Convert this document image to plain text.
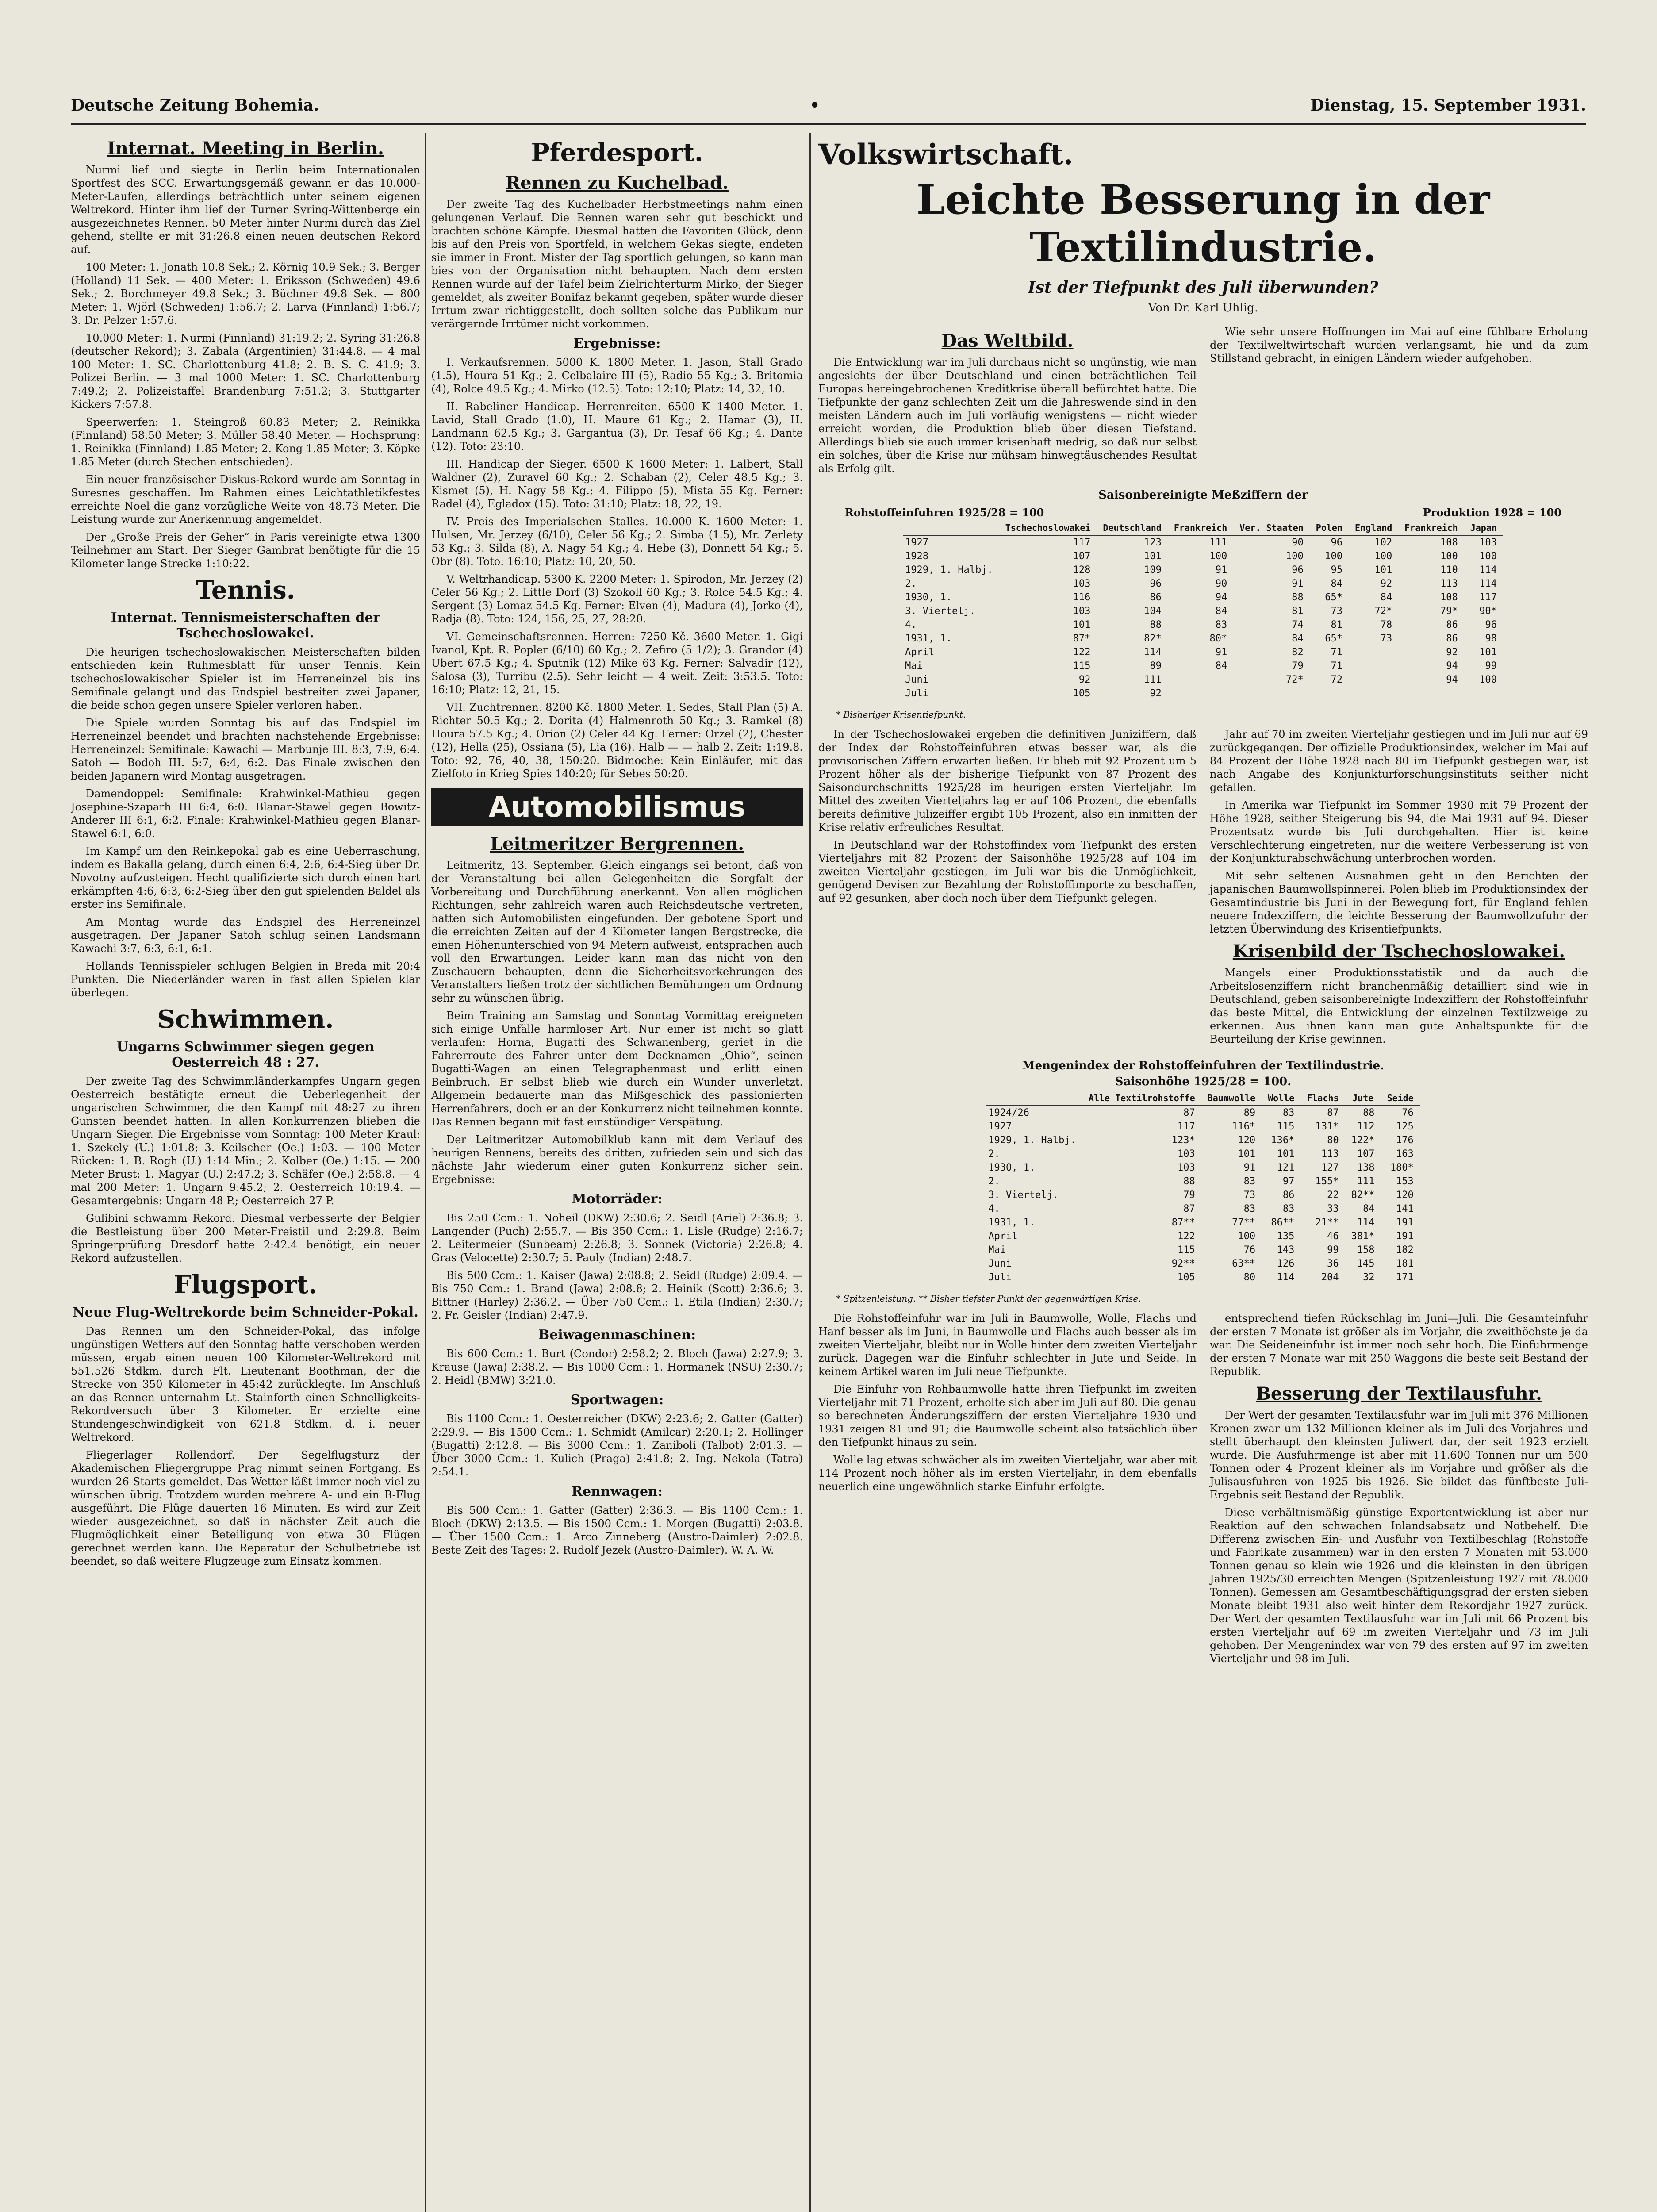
Deutsche Zeitung Bohemia.	•	Dienstag, 15. September 1931.
Internat. Meeting in Berlin.

Nurmi lief und siegte in Berlin beim Internationalen Sportfest des SCC. Erwartungsgemäß gewann er das 10.000-Meter-Laufen, allerdings beträchtlich unter seinem eigenen Weltrekord. Hinter ihm lief der Turner Syring-Wittenberge ein ausgezeichnetes Rennen. 50 Meter hinter Nurmi durch das Ziel gehend, stellte er mit 31:26.8 einen neuen deutschen Rekord auf.

100 Meter: 1. Jonath 10.8 Sek.; 2. Körnig 10.9 Sek.; 3. Berger (Holland) 11 Sek. — 400 Meter: 1. Eriksson (Schweden) 49.6 Sek.; 2. Borchmeyer 49.8 Sek.; 3. Büchner 49.8 Sek. — 800 Meter: 1. Wjörl (Schweden) 1:56.7; 2. Larva (Finnland) 1:56.7; 3. Dr. Pelzer 1:57.6.

10.000 Meter: 1. Nurmi (Finnland) 31:19.2; 2. Syring 31:26.8 (deutscher Rekord); 3. Zabala (Argentinien) 31:44.8. — 4 mal 100 Meter: 1. SC. Charlottenburg 41.8; 2. B. S. C. 41.9; 3. Polizei Berlin. — 3 mal 1000 Meter: 1. SC. Charlottenburg 7:49.2; 2. Polizeistaffel Brandenburg 7:51.2; 3. Stuttgarter Kickers 7:57.8.

Speerwerfen: 1. Steingroß 60.83 Meter; 2. Reinikka (Finnland) 58.50 Meter; 3. Müller 58.40 Meter. — Hochsprung: 1. Reinikka (Finnland) 1.85 Meter; 2. Kong 1.85 Meter; 3. Köpke 1.85 Meter (durch Stechen entschieden).

Ein neuer französischer Diskus-Rekord wurde am Sonntag in Suresnes geschaffen. Im Rahmen eines Leichtathletikfestes erreichte Noel die ganz vorzügliche Weite von 48.73 Meter. Die Leistung wurde zur Anerkennung angemeldet.

Der „Große Preis der Geher“ in Paris vereinigte etwa 1300 Teilnehmer am Start. Der Sieger Gambrat benötigte für die 15 Kilometer lange Strecke 1:10:22.

Tennis.
Internat. Tennismeisterschaften der Tschechoslowakei.

Die heurigen tschechoslowakischen Meisterschaften bilden entschieden kein Ruhmesblatt für unser Tennis. Kein tschechoslowakischer Spieler ist im Herreneinzel bis ins Semifinale gelangt und das Endspiel bestreiten zwei Japaner, die beide schon gegen unsere Spieler verloren haben.

Die Spiele wurden Sonntag bis auf das Endspiel im Herreneinzel beendet und brachten nachstehende Ergebnisse: Herreneinzel: Semifinale: Kawachi — Marbunje III. 8:3, 7:9, 6:4. Satoh — Bodoh III. 5:7, 6:4, 6:2. Das Finale zwischen den beiden Japanern wird Montag ausgetragen.

Damendoppel: Semifinale: Krahwinkel-Mathieu gegen Josephine-Szaparh III 6:4, 6:0. Blanar-Stawel gegen Bowitz-Anderer III 6:1, 6:2. Finale: Krahwinkel-Mathieu gegen Blanar-Stawel 6:1, 6:0.

Im Kampf um den Reinkepokal gab es eine Ueberraschung, indem es Bakalla gelang, durch einen 6:4, 2:6, 6:4-Sieg über Dr. Novotny aufzusteigen. Hecht qualifizierte sich durch einen hart erkämpften 4:6, 6:3, 6:2-Sieg über den gut spielenden Baldel als erster ins Semifinale.

Am Montag wurde das Endspiel des Herreneinzel ausgetragen. Der Japaner Satoh schlug seinen Landsmann Kawachi 3:7, 6:3, 6:1, 6:1.

Hollands Tennisspieler schlugen Belgien in Breda mit 20:4 Punkten. Die Niederländer waren in fast allen Spielen klar überlegen.

Schwimmen.
Ungarns Schwimmer siegen gegen Oesterreich 48 : 27.

Der zweite Tag des Schwimmländerkampfes Ungarn gegen Oesterreich bestätigte erneut die Ueberlegenheit der ungarischen Schwimmer, die den Kampf mit 48:27 zu ihren Gunsten beendet hatten. In allen Konkurrenzen blieben die Ungarn Sieger. Die Ergebnisse vom Sonntag: 100 Meter Kraul: 1. Szekely (U.) 1:01.8; 3. Keilscher (Oe.) 1:03. — 100 Meter Rücken: 1. B. Rogh (U.) 1:14 Min.; 2. Kolber (Oe.) 1:15. — 200 Meter Brust: 1. Magyar (U.) 2:47.2; 3. Schäfer (Oe.) 2:58.8. — 4 mal 200 Meter: 1. Ungarn 9:45.2; 2. Oesterreich 10:19.4. — Gesamtergebnis: Ungarn 48 P.; Oesterreich 27 P.

Gulibini schwamm Rekord. Diesmal verbesserte der Belgier die Bestleistung über 200 Meter-Freistil und 2:29.8. Beim Springerprüfung Dresdorf hatte 2:42.4 benötigt, ein neuer Rekord aufzustellen.

Flugsport.
Neue Flug-Weltrekorde beim Schneider-Pokal.

Das Rennen um den Schneider-Pokal, das infolge ungünstigen Wetters auf den Sonntag hatte verschoben werden müssen, ergab einen neuen 100 Kilometer-Weltrekord mit 551.526 Stdkm. durch Flt. Lieutenant Boothman, der die Strecke von 350 Kilometer in 45:42 zurücklegte. Im Anschluß an das Rennen unternahm Lt. Stainforth einen Schnelligkeits-Rekordversuch über 3 Kilometer. Er erzielte eine Stundengeschwindigkeit von 621.8 Stdkm. d. i. neuer Weltrekord.

Fliegerlager Rollendorf. Der Segelflugsturz der Akademischen Fliegergruppe Prag nimmt seinen Fortgang. Es wurden 26 Starts gemeldet. Das Wetter läßt immer noch viel zu wünschen übrig. Trotzdem wurden mehrere A- und ein B-Flug ausgeführt. Die Flüge dauerten 16 Minuten. Es wird zur Zeit wieder ausgezeichnet, so daß in nächster Zeit auch die Flugmöglichkeit einer Beteiligung von etwa 30 Flügen gerechnet werden kann. Die Reparatur der Schulbetriebe ist beendet, so daß weitere Flugzeuge zum Einsatz kommen.

Pferdesport.
Rennen zu Kuchelbad.

Der zweite Tag des Kuchelbader Herbstmeetings nahm einen gelungenen Verlauf. Die Rennen waren sehr gut beschickt und brachten schöne Kämpfe. Diesmal hatten die Favoriten Glück, denn bis auf den Preis von Sportfeld, in welchem Gekas siegte, endeten sie immer in Front. Mister der Tag sportlich gelungen, so kann man bies von der Organisation nicht behaupten. Nach dem ersten Rennen wurde auf der Tafel beim Zielrichterturm Mirko, der Sieger gemeldet, als zweiter Bonifaz bekannt gegeben, später wurde dieser Irrtum zwar richtiggestellt, doch sollten solche das Publikum nur verärgernde Irrtümer nicht vorkommen.

Ergebnisse:

I. Verkaufsrennen. 5000 K. 1800 Meter. 1. Jason, Stall Grado (1.5), Houra 51 Kg.; 2. Celbalaire III (5), Radio 55 Kg.; 3. Britomia (4), Rolce 49.5 Kg.; 4. Mirko (12.5). Toto: 12:10; Platz: 14, 32, 10.

II. Rabeliner Handicap. Herrenreiten. 6500 K 1400 Meter. 1. Lavid, Stall Grado (1.0), H. Maure 61 Kg.; 2. Hamar (3), H. Landmann 62.5 Kg.; 3. Gargantua (3), Dr. Tesaf 66 Kg.; 4. Dante (12). Toto: 23:10.

III. Handicap der Sieger. 6500 K 1600 Meter: 1. Lalbert, Stall Waldner (2), Zuravel 60 Kg.; 2. Schaban (2), Celer 48.5 Kg.; 3. Kismet (5), H. Nagy 58 Kg.; 4. Filippo (5), Mista 55 Kg. Ferner: Radel (4), Egladox (15). Toto: 31:10; Platz: 18, 22, 19.

IV. Preis des Imperialschen Stalles. 10.000 K. 1600 Meter: 1. Hulsen, Mr. Jerzey (6/10), Celer 56 Kg.; 2. Simba (1.5), Mr. Zerlety 53 Kg.; 3. Silda (8), A. Nagy 54 Kg.; 4. Hebe (3), Donnett 54 Kg.; 5. Obr (8). Toto: 16:10; Platz: 10, 20, 50.

V. Weltrhandicap. 5300 K. 2200 Meter: 1. Spirodon, Mr. Jerzey (2) Celer 56 Kg.; 2. Little Dorf (3) Szokoll 60 Kg.; 3. Rolce 54.5 Kg.; 4. Sergent (3) Lomaz 54.5 Kg. Ferner: Elven (4), Madura (4), Jorko (4), Radja (8). Toto: 124, 156, 25, 27, 28:20.

VI. Gemeinschaftsrennen. Herren: 7250 Kč. 3600 Meter. 1. Gigi Ivanol, Kpt. R. Popler (6/10) 60 Kg.; 2. Zefiro (5 1/2); 3. Grandor (4) Ubert 67.5 Kg.; 4. Sputnik (12) Mike 63 Kg. Ferner: Salvadir (12), Salosa (3), Turribu (2.5). Sehr leicht — 4 weit. Zeit: 3:53.5. Toto: 16:10; Platz: 12, 21, 15.

VII. Zuchtrennen. 8200 Kč. 1800 Meter. 1. Sedes, Stall Plan (5) A. Richter 50.5 Kg.; 2. Dorita (4) Halmenroth 50 Kg.; 3. Ramkel (8) Houra 57.5 Kg.; 4. Orion (2) Celer 44 Kg. Ferner: Orzel (2), Chester (12), Hella (25), Ossiana (5), Lia (16). Halb — — halb 2. Zeit: 1:19.8. Toto: 92, 76, 40, 38, 150:20. Bidmoche: Kein Einläufer, mit das Zielfoto in Krieg Spies 140:20; für Sebes 50:20.

Automobilismus
Leitmeritzer Bergrennen.

Leitmeritz, 13. September. Gleich eingangs sei betont, daß von der Veranstaltung bei allen Gelegenheiten die Sorgfalt der Vorbereitung und Durchführung anerkannt. Von allen möglichen Richtungen, sehr zahlreich waren auch Reichsdeutsche vertreten, hatten sich Automobilisten eingefunden. Der gebotene Sport und die erreichten Zeiten auf der 4 Kilometer langen Bergstrecke, die einen Höhenunterschied von 94 Metern aufweist, entsprachen auch voll den Erwartungen. Leider kann man das nicht von den Zuschauern behaupten, denn die Sicherheitsvorkehrungen des Veranstalters ließen trotz der sichtlichen Bemühungen um Ordnung sehr zu wünschen übrig.

Beim Training am Samstag und Sonntag Vormittag ereigneten sich einige Unfälle harmloser Art. Nur einer ist nicht so glatt verlaufen: Horna, Bugatti des Schwanenberg, geriet in die Fahrerroute des Fahrer unter dem Decknamen „Ohio“, seinen Bugatti-Wagen an einen Telegraphenmast und erlitt einen Beinbruch. Er selbst blieb wie durch ein Wunder unverletzt. Allgemein bedauerte man das Mißgeschick des passionierten Herrenfahrers, doch er an der Konkurrenz nicht teilnehmen konnte. Das Rennen begann mit fast einstündiger Verspätung.

Der Leitmeritzer Automobilklub kann mit dem Verlauf des heurigen Rennens, bereits des dritten, zufrieden sein und sich das nächste Jahr wiederum einer guten Konkurrenz sicher sein. Ergebnisse:

Motorräder:

Bis 250 Ccm.: 1. Noheil (DKW) 2:30.6; 2. Seidl (Ariel) 2:36.8; 3. Langender (Puch) 2:55.7. — Bis 350 Ccm.: 1. Lisle (Rudge) 2:16.7; 2. Leitermeier (Sunbeam) 2:26.8; 3. Sonnek (Victoria) 2:26.8; 4. Gras (Velocette) 2:30.7; 5. Pauly (Indian) 2:48.7.

Bis 500 Ccm.: 1. Kaiser (Jawa) 2:08.8; 2. Seidl (Rudge) 2:09.4. — Bis 750 Ccm.: 1. Brand (Jawa) 2:08.8; 2. Heinik (Scott) 2:36.6; 3. Bittner (Harley) 2:36.2. — Über 750 Ccm.: 1. Etila (Indian) 2:30.7; 2. Fr. Geisler (Indian) 2:47.9.

Beiwagenmaschinen:

Bis 600 Ccm.: 1. Burt (Condor) 2:58.2; 2. Bloch (Jawa) 2:27.9; 3. Krause (Jawa) 2:38.2. — Bis 1000 Ccm.: 1. Hormanek (NSU) 2:30.7; 2. Heidl (BMW) 3:21.0.

Sportwagen:

Bis 1100 Ccm.: 1. Oesterreicher (DKW) 2:23.6; 2. Gatter (Gatter) 2:29.9. — Bis 1500 Ccm.: 1. Schmidt (Amilcar) 2:20.1; 2. Hollinger (Bugatti) 2:12.8. — Bis 3000 Ccm.: 1. Zaniboli (Talbot) 2:01.3. — Über 3000 Ccm.: 1. Kulich (Praga) 2:41.8; 2. Ing. Nekola (Tatra) 2:54.1.

Rennwagen:

Bis 500 Ccm.: 1. Gatter (Gatter) 2:36.3. — Bis 1100 Ccm.: 1. Bloch (DKW) 2:13.5. — Bis 1500 Ccm.: 1. Morgen (Bugatti) 2:03.8. — Über 1500 Ccm.: 1. Arco Zinneberg (Austro-Daimler) 2:02.8. Beste Zeit des Tages: 2. Rudolf Jezek (Austro-Daimler). W. A. W.

Volkswirtschaft.
Leichte Besserung in der Textilindustrie.
Ist der Tiefpunkt des Juli überwunden?
Von Dr. Karl Uhlig.
Das Weltbild.

Die Entwicklung war im Juli durchaus nicht so ungünstig, wie man angesichts der über Deutschland und einen beträchtlichen Teil Europas hereingebrochenen Kreditkrise überall befürchtet hatte. Die Tiefpunkte der ganz schlechten Zeit um die Jahreswende sind in den meisten Ländern auch im Juli vorläufig wenigstens — nicht wieder erreicht worden, die Produktion blieb über diesen Tiefstand. Allerdings blieb sie auch immer krisenhaft niedrig, so daß nur selbst ein solches, über die Krise nur mühsam hinwegtäuschendes Resultat als Erfolg gilt.

Wie sehr unsere Hoffnungen im Mai auf eine fühlbare Erholung der Textilweltwirtschaft wurden verlangsamt, hie und da zum Stillstand gebracht, in einigen Ländern wieder aufgehoben.

Saisonbereinigte Meßziffern der
Rohstoffeinfuhren 1925/28 = 100	Produktion 1928 = 100
	Tschechoslowakei	Deutschland	Frankreich	Ver. Staaten	Polen	England	Frankreich	Japan
1927	117	123	111	90	96	102	108	103
1928	107	101	100	100	100	100	100	100
1929, 1. Halbj.	128	109	91	96	95	101	110	114
2.	103	96	90	91	84	92	113	114
1930, 1.	116	86	94	88	65*	84	108	117
3. Viertelj.	103	104	84	81	73	72*	79*	90*
4.	101	88	83	74	81	78	86	96
1931, 1.	87*	82*	80*	84	65*	73	86	98
April	122	114	91	82	71		92	101
Mai	115	89	84	79	71		94	99
Juni	92	111		72*	72		94	100
Juli	105	92						
* Bisheriger Krisentiefpunkt.

In der Tschechoslowakei ergeben die definitiven Juniziffern, daß der Index der Rohstoffeinfuhren etwas besser war, als die provisorischen Ziffern erwarten ließen. Er blieb mit 92 Prozent um 5 Prozent höher als der bisherige Tiefpunkt von 87 Prozent des Saisondurchschnitts 1925/28 im heurigen ersten Vierteljahr. Im Mittel des zweiten Vierteljahrs lag er auf 106 Prozent, die ebenfalls bereits definitive Julizeiffer ergibt 105 Prozent, also ein inmitten der Krise relativ erfreuliches Resultat.

In Deutschland war der Rohstoffindex vom Tiefpunkt des ersten Vierteljahrs mit 82 Prozent der Saisonhöhe 1925/28 auf 104 im zweiten Vierteljahr gestiegen, im Juli war bis die Unmöglichkeit, genügend Devisen zur Bezahlung der Rohstoffimporte zu beschaffen, auf 92 gesunken, aber doch noch über dem Tiefpunkt gelegen.

Jahr auf 70 im zweiten Vierteljahr gestiegen und im Juli nur auf 69 zurückgegangen. Der offizielle Produktionsindex, welcher im Mai auf 84 Prozent der Höhe 1928 nach 80 im Tiefpunkt gestiegen war, ist nach Angabe des Konjunkturforschungsinstituts seither nicht gefallen.

In Amerika war Tiefpunkt im Sommer 1930 mit 79 Prozent der Höhe 1928, seither Steigerung bis 94, die Mai 1931 auf 94. Dieser Prozentsatz wurde bis Juli durchgehalten. Hier ist keine Verschlechterung eingetreten, nur die weitere Verbesserung ist von der Konjunkturabschwächung unterbrochen worden.

Mit sehr seltenen Ausnahmen geht in den Berichten der japanischen Baumwollspinnerei. Polen blieb im Produktionsindex der Gesamtindustrie bis Juni in der Bewegung fort, für England fehlen neuere Indexziffern, die leichte Besserung der Baumwollzufuhr der letzten Überwindung des Krisentiefpunkts.

Krisenbild der Tschechoslowakei.

Mangels einer Produktionsstatistik und da auch die Arbeitslosenziffern nicht branchenmäßig detailliert sind wie in Deutschland, geben saisonbereinigte Indexziffern der Rohstoffeinfuhr das beste Mittel, die Entwicklung der einzelnen Textilzweige zu erkennen. Aus ihnen kann man gute Anhaltspunkte für die Beurteilung der Krise gewinnen.

Mengenindex der Rohstoffeinfuhren der Textilindustrie.
Saisonhöhe 1925/28 = 100.
	Alle Textilrohstoffe	Baumwolle	Wolle	Flachs	Jute	Seide
1924/26	87	89	83	87	88	76
1927	117	116*	115	131*	112	125
1929, 1. Halbj.	123*	120	136*	80	122*	176
2.	103	101	101	113	107	163
1930, 1.	103	91	121	127	138	180*
2.	88	83	97	155*	111	153
3. Viertelj.	79	73	86	22	82**	120
4.	87	83	83	33	84	141
1931, 1.	87**	77**	86**	21**	114	191
April	122	100	135	46	381*	191
Mai	115	76	143	99	158	182
Juni	92**	63**	126	36	145	181
Juli	105	80	114	204	32	171
* Spitzenleistung. ** Bisher tiefster Punkt der gegenwärtigen Krise.

Die Rohstoffeinfuhr war im Juli in Baumwolle, Wolle, Flachs und Hanf besser als im Juni, in Baumwolle und Flachs auch besser als im zweiten Vierteljahr, bleibt nur in Wolle hinter dem zweiten Vierteljahr zurück. Dagegen war die Einfuhr schlechter in Jute und Seide. In keinem Artikel waren im Juli neue Tiefpunkte.

Die Einfuhr von Rohbaumwolle hatte ihren Tiefpunkt im zweiten Vierteljahr mit 71 Prozent, erholte sich aber im Juli auf 80. Die genau so berechneten Änderungsziffern der ersten Vierteljahre 1930 und 1931 zeigen 81 und 91; die Baumwolle scheint also tatsächlich über den Tiefpunkt hinaus zu sein.

Wolle lag etwas schwächer als im zweiten Vierteljahr, war aber mit 114 Prozent noch höher als im ersten Vierteljahr, in dem ebenfalls neuerlich eine ungewöhnlich starke Einfuhr erfolgte.

entsprechend tiefen Rückschlag im Juni—Juli. Die Gesamteinfuhr der ersten 7 Monate ist größer als im Vorjahr, die zweithöchste je da war. Die Seideneinfuhr ist immer noch sehr hoch. Die Einfuhrmenge der ersten 7 Monate war mit 250 Waggons die beste seit Bestand der Republik.

Besserung der Textilausfuhr.

Der Wert der gesamten Textilausfuhr war im Juli mit 376 Millionen Kronen zwar um 132 Millionen kleiner als im Juli des Vorjahres und stellt überhaupt den kleinsten Juliwert dar, der seit 1923 erzielt wurde. Die Ausfuhrmenge ist aber mit 11.600 Tonnen nur um 500 Tonnen oder 4 Prozent kleiner als im Vorjahre und größer als die Julisausfuhren von 1925 bis 1926. Sie bildet das fünftbeste Juli-Ergebnis seit Bestand der Republik.

Diese verhältnismäßig günstige Exportentwicklung ist aber nur Reaktion auf den schwachen Inlandsabsatz und Notbehelf. Die Differenz zwischen Ein- und Ausfuhr von Textilbeschlag (Rohstoffe und Fabrikate zusammen) war in den ersten 7 Monaten mit 53.000 Tonnen genau so klein wie 1926 und die kleinsten in den übrigen Jahren 1925/30 erreichten Mengen (Spitzenleistung 1927 mit 78.000 Tonnen). Gemessen am Gesamtbeschäftigungsgrad der ersten sieben Monate bleibt 1931 also weit hinter dem Rekordjahr 1927 zurück. Der Wert der gesamten Textilausfuhr war im Juli mit 66 Prozent bis ersten Vierteljahr auf 69 im zweiten Vierteljahr und 73 im Juli gehoben. Der Mengenindex war von 79 des ersten auf 97 im zweiten Vierteljahr und 98 im Juli.
